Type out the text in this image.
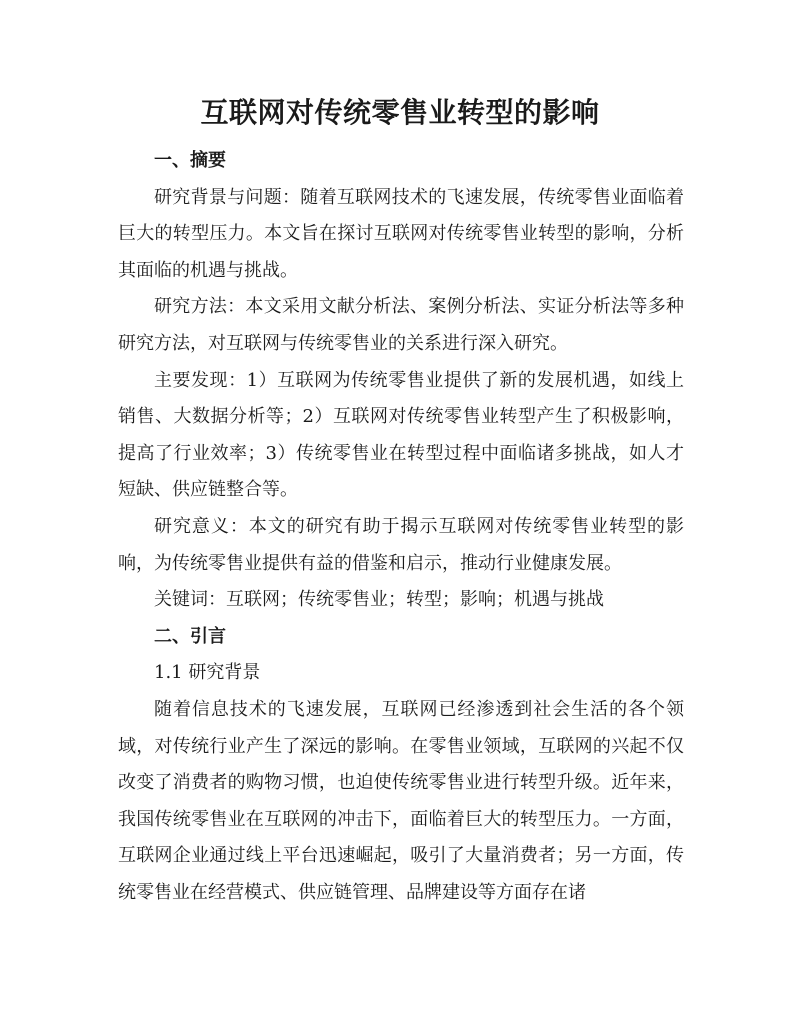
互联网对传统零售业转型的影响
一、摘要

研究背景与问题：随着互联网技术的飞速发展，传统零售业面临着巨大的转型压力。本文旨在探讨互联网对传统零售业转型的影响，分析其面临的机遇与挑战。

研究方法：本文采用文献分析法、案例分析法、实证分析法等多种研究方法，对互联网与传统零售业的关系进行深入研究。

主要发现：1）互联网为传统零售业提供了新的发展机遇，如线上销售、大数据分析等；2）互联网对传统零售业转型产生了积极影响，提高了行业效率；3）传统零售业在转型过程中面临诸多挑战，如人才短缺、供应链整合等。

研究意义：本文的研究有助于揭示互联网对传统零售业转型的影响，为传统零售业提供有益的借鉴和启示，推动行业健康发展。

关键词：互联网；传统零售业；转型；影响；机遇与挑战

二、引言
1.1 研究背景

随着信息技术的飞速发展，互联网已经渗透到社会生活的各个领域，对传统行业产生了深远的影响。在零售业领域，互联网的兴起不仅改变了消费者的购物习惯，也迫使传统零售业进行转型升级。近年来，我国传统零售业在互联网的冲击下，面临着巨大的转型压力。一方面，互联网企业通过线上平台迅速崛起，吸引了大量消费者；另一方面，传统零售业在经营模式、供应链管理、品牌建设等方面存在诸
